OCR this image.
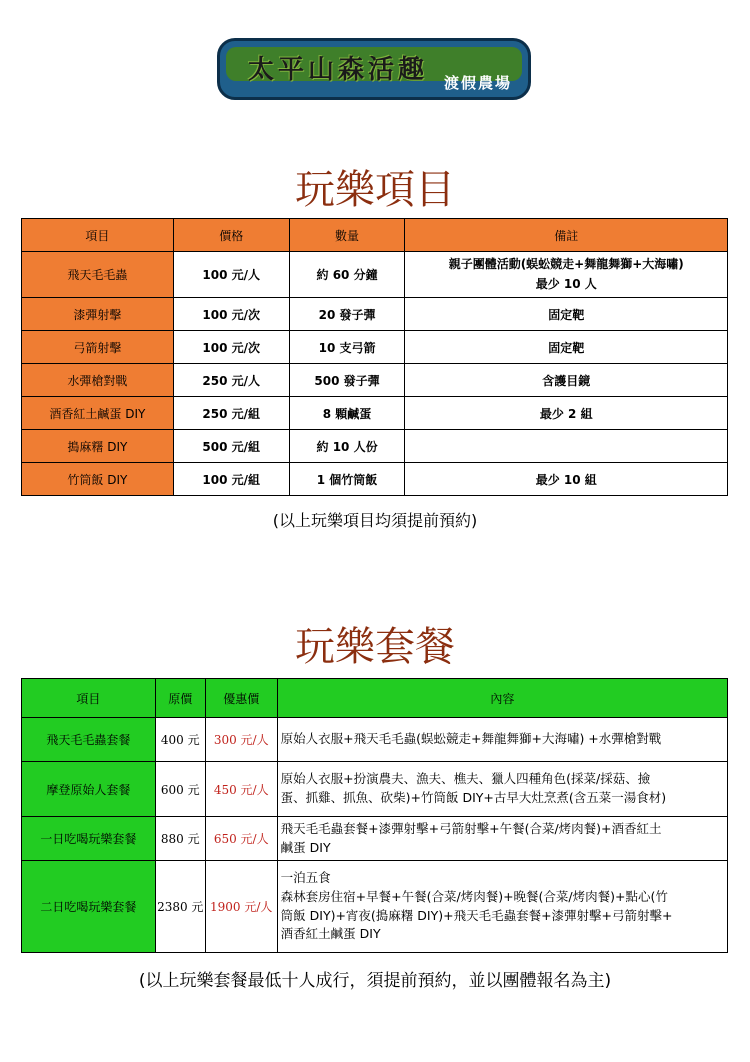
太平山森活趣 渡假農場
玩樂項目
項目	價格	數量	備註
飛天毛毛蟲	100 元/人	約 60 分鐘	親子團體活動(蜈蚣競走+舞龍舞獅+大海嘯)
最少 10 人

漆彈射擊	100 元/次	20 發子彈	固定靶
弓箭射擊	100 元/次	10 支弓箭	固定靶
水彈槍對戰	250 元/人	500 發子彈	含護目鏡
酒香紅土鹹蛋 DIY	250 元/組	8 顆鹹蛋	最少 2 組
搗麻糬 DIY	500 元/組	約 10 人份	
竹筒飯 DIY	100 元/組	1 個竹筒飯	最少 10 組
(以上玩樂項目均須提前預約)
玩樂套餐
項目	原價	優惠價	內容
飛天毛毛蟲套餐	400 元	300 元/人	原始人衣服+飛天毛毛蟲(蜈蚣競走+舞龍舞獅+大海嘯) +水彈槍對戰

摩登原始人套餐	600 元	450 元/人	原始人衣服+扮演農夫、漁夫、樵夫、獵人四種角色(採菜/採菇、撿
蛋、抓雞、抓魚、砍柴)+竹筒飯 DIY+古早大灶烹煮(含五菜一湯食材)

一日吃喝玩樂套餐	880 元	650 元/人	飛天毛毛蟲套餐+漆彈射擊+弓箭射擊+午餐(合菜/烤肉餐)+酒香紅土
鹹蛋 DIY

二日吃喝玩樂套餐	2380 元	1900 元/人	一泊五食
森林套房住宿+早餐+午餐(合菜/烤肉餐)+晚餐(合菜/烤肉餐)+點心(竹
筒飯 DIY)+宵夜(搗麻糬 DIY)+飛天毛毛蟲套餐+漆彈射擊+弓箭射擊+
酒香紅土鹹蛋 DIY
(以上玩樂套餐最低十人成行，須提前預約，並以團體報名為主)
